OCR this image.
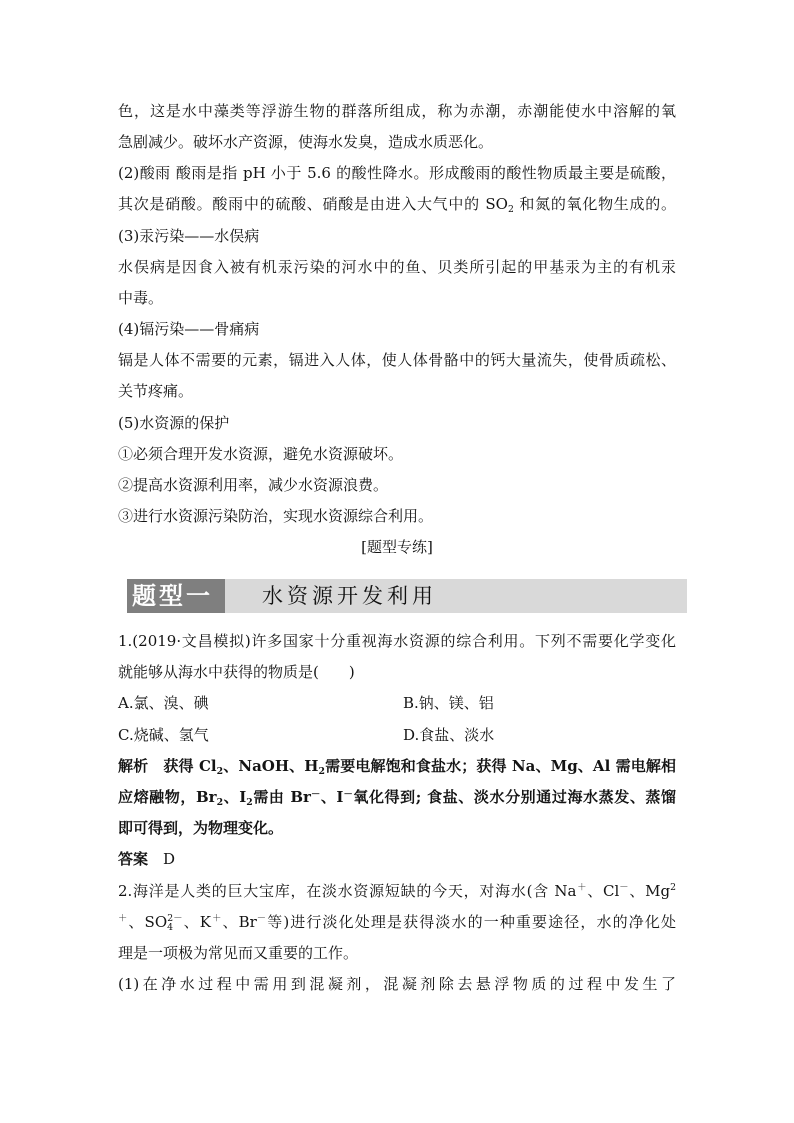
色，这是水中藻类等浮游生物的群落所组成，称为赤潮，赤潮能使水中溶解的氧
急剧减少。破坏水产资源，使海水发臭，造成水质恶化。
(2)酸雨 酸雨是指 pH 小于 5.6 的酸性降水。形成酸雨的酸性物质最主要是硫酸，
其次是硝酸。酸雨中的硫酸、硝酸是由进入大气中的 $SO_2$ 和氮的氧化物生成的。
(3)汞污染——水俣病
水俣病是因食入被有机汞污染的河水中的鱼、贝类所引起的甲基汞为主的有机汞
中毒。
(4)镉污染——骨痛病
镉是人体不需要的元素，镉进入人体，使人体骨骼中的钙大量流失，使骨质疏松、
关节疼痛。
(5)水资源的保护
①必须合理开发水资源，避免水资源破坏。
②提高水资源利用率，减少水资源浪费。
③进行水资源污染防治，实现水资源综合利用。
[题型专练]
题型一	水资源开发利用
1.(2019·文昌模拟)许多国家十分重视海水资源的综合利用。下列不需要化学变化
就能够从海水中获得的物质是(　　)
A.氯、溴、碘	B.钠、镁、铝
C.烧碱、氢气	D.食盐、淡水
解析　获得 $Cl_2$、NaOH、$H_2$需要电解饱和食盐水；获得 Na、Mg、Al 需电解相
应熔融物，$Br_2$、$I_2$需由 Br－、I－氧化得到; 食盐、淡水分别通过海水蒸发、蒸馏
即可得到，为物理变化。
答案 D
2.海洋是人类的巨大宝库，在淡水资源短缺的今天，对海水(含 Na＋、Cl－、Mg$^2$
＋、$SO_4^{2-}$、K＋、Br－等)进行淡化处理是获得淡水的一种重要途径，水的净化处
理是一项极为常见而又重要的工作。
(1)在净水过程中需用到混凝剂，混凝剂除去悬浮物质的过程中发生了
